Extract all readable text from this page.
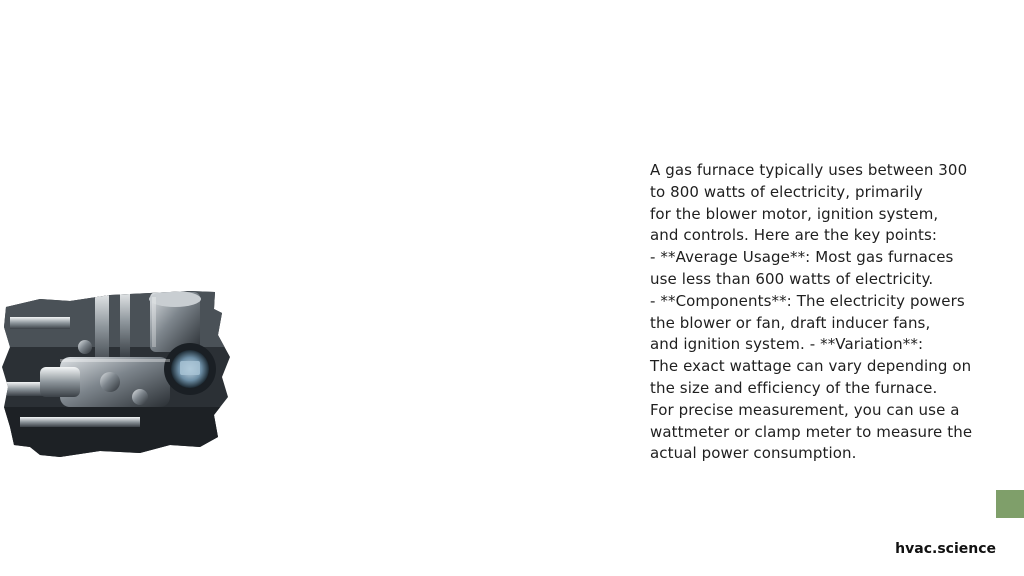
A gas furnace typically uses between 300
to 800 watts of electricity, primarily
for the blower motor, ignition system,
and controls. Here are the key points:
- **Average Usage**: Most gas furnaces
use less than 600 watts of electricity.
- **Components**: The electricity powers
the blower or fan, draft inducer fans,
and ignition system. - **Variation**:
The exact wattage can vary depending on
the size and efficiency of the furnace.
For precise measurement, you can use a
wattmeter or clamp meter to measure the
actual power consumption.

hvac.science
